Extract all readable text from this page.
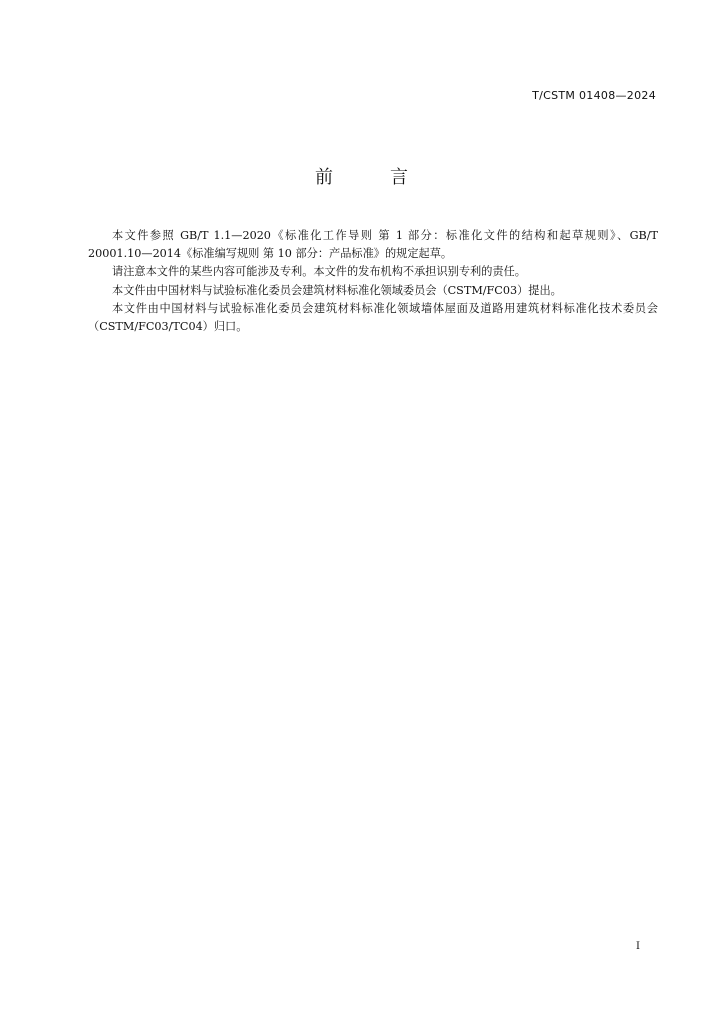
T/CSTM 01408—2024
前	言

本文件参照 GB/T 1.1—2020《标准化工作导则 第 1 部分：标准化文件的结构和起草规则》、GB/T 20001.10—2014《标准编写规则 第 10 部分：产品标准》的规定起草。

请注意本文件的某些内容可能涉及专利。本文件的发布机构不承担识别专利的责任。

本文件由中国材料与试验标准化委员会建筑材料标准化领域委员会（CSTM/FC03）提出。

本文件由中国材料与试验标准化委员会建筑材料标准化领域墙体屋面及道路用建筑材料标准化技术委员会（CSTM/FC03/TC04）归口。

I
